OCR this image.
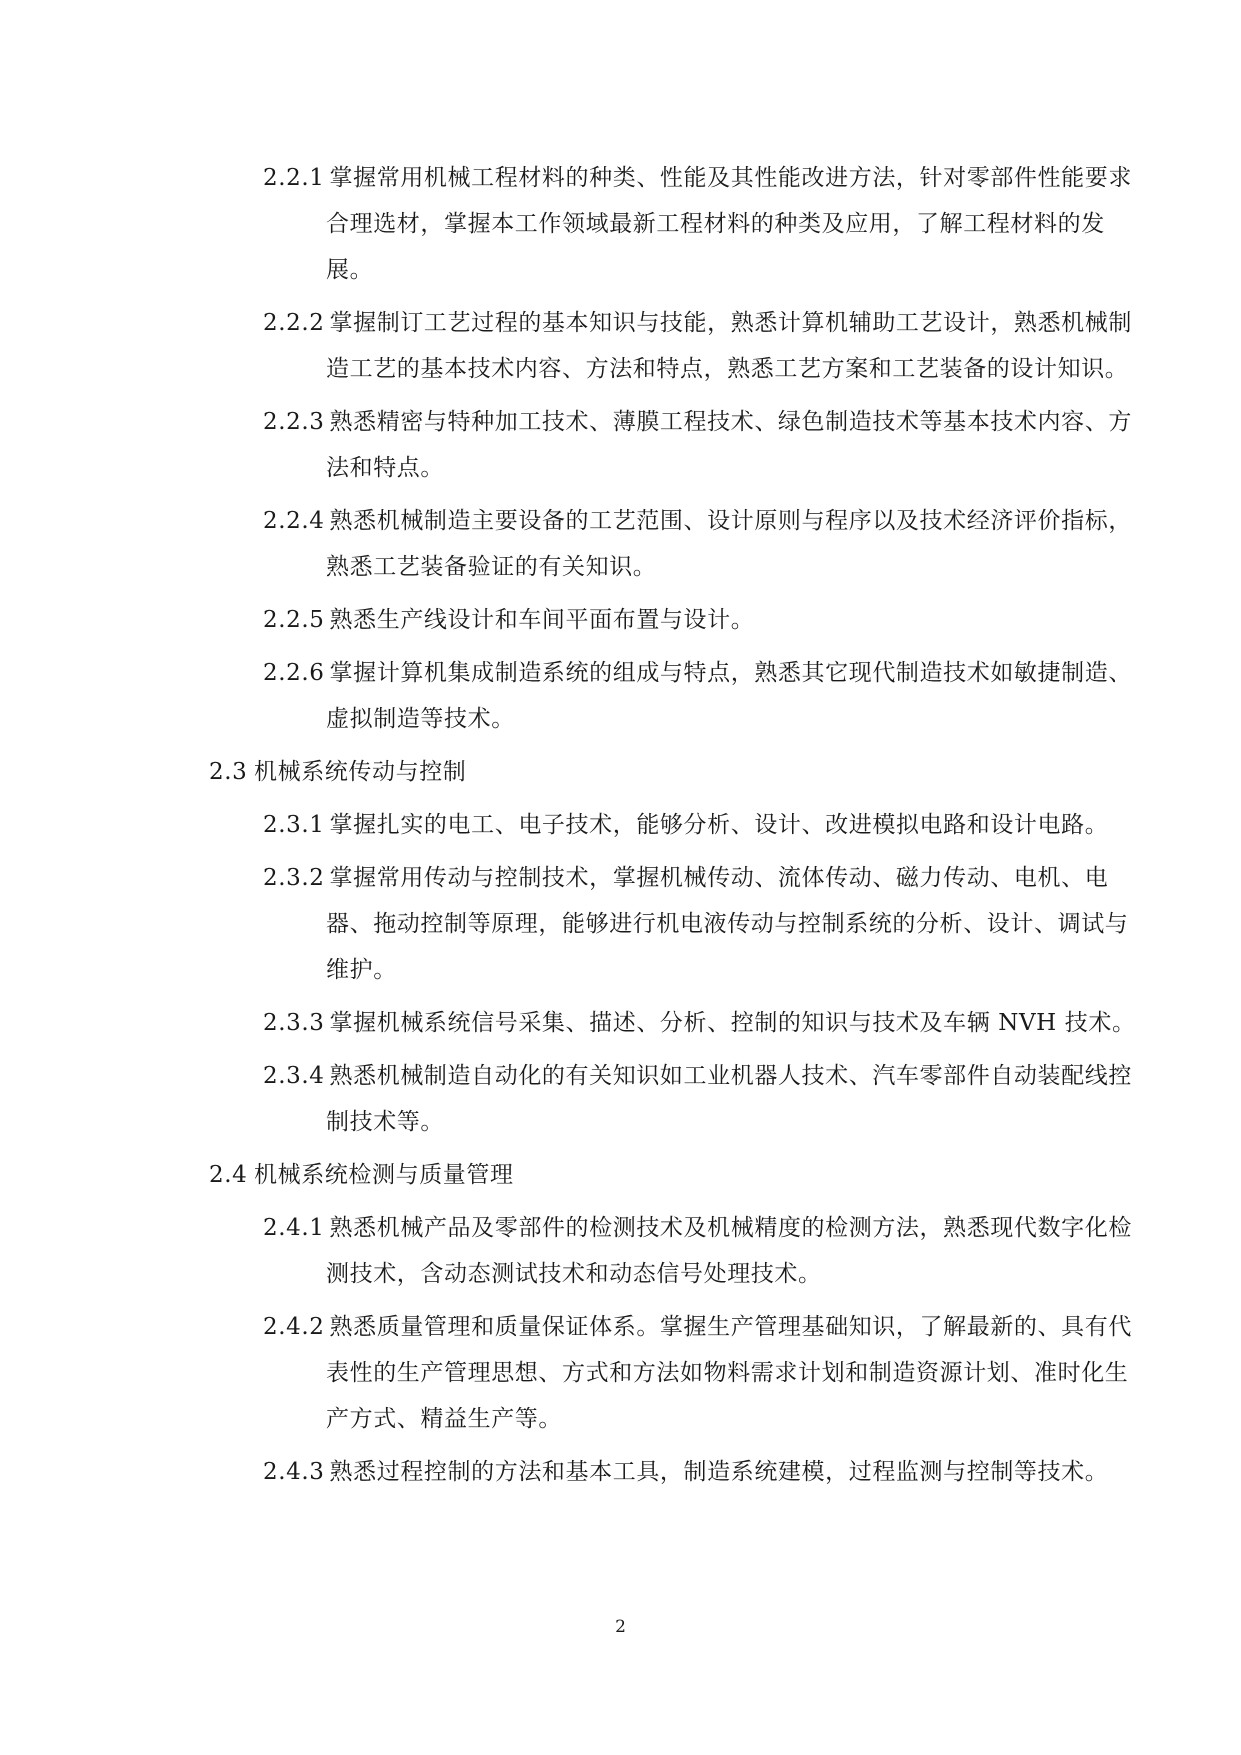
2.2.1 掌握常用机械工程材料的种类、性能及其性能改进方法，针对零部件性能要求合理选材，掌握本工作领域最新工程材料的种类及应用，了解工程材料的发展。
2.2.2 掌握制订工艺过程的基本知识与技能，熟悉计算机辅助工艺设计，熟悉机械制造工艺的基本技术内容、方法和特点，熟悉工艺方案和工艺装备的设计知识。
2.2.3 熟悉精密与特种加工技术、薄膜工程技术、绿色制造技术等基本技术内容、方法和特点。
2.2.4 熟悉机械制造主要设备的工艺范围、设计原则与程序以及技术经济评价指标，熟悉工艺装备验证的有关知识。
2.2.5 熟悉生产线设计和车间平面布置与设计。
2.2.6 掌握计算机集成制造系统的组成与特点，熟悉其它现代制造技术如敏捷制造、虚拟制造等技术。
2.3 机械系统传动与控制
2.3.1 掌握扎实的电工、电子技术，能够分析、设计、改进模拟电路和设计电路。
2.3.2 掌握常用传动与控制技术，掌握机械传动、流体传动、磁力传动、电机、电器、拖动控制等原理，能够进行机电液传动与控制系统的分析、设计、调试与维护。
2.3.3 掌握机械系统信号采集、描述、分析、控制的知识与技术及车辆 NVH 技术。
2.3.4 熟悉机械制造自动化的有关知识如工业机器人技术、汽车零部件自动装配线控制技术等。
2.4 机械系统检测与质量管理
2.4.1 熟悉机械产品及零部件的检测技术及机械精度的检测方法，熟悉现代数字化检测技术，含动态测试技术和动态信号处理技术。
2.4.2 熟悉质量管理和质量保证体系。掌握生产管理基础知识，了解最新的、具有代表性的生产管理思想、方式和方法如物料需求计划和制造资源计划、准时化生产方式、精益生产等。
2.4.3 熟悉过程控制的方法和基本工具，制造系统建模，过程监测与控制等技术。
2
